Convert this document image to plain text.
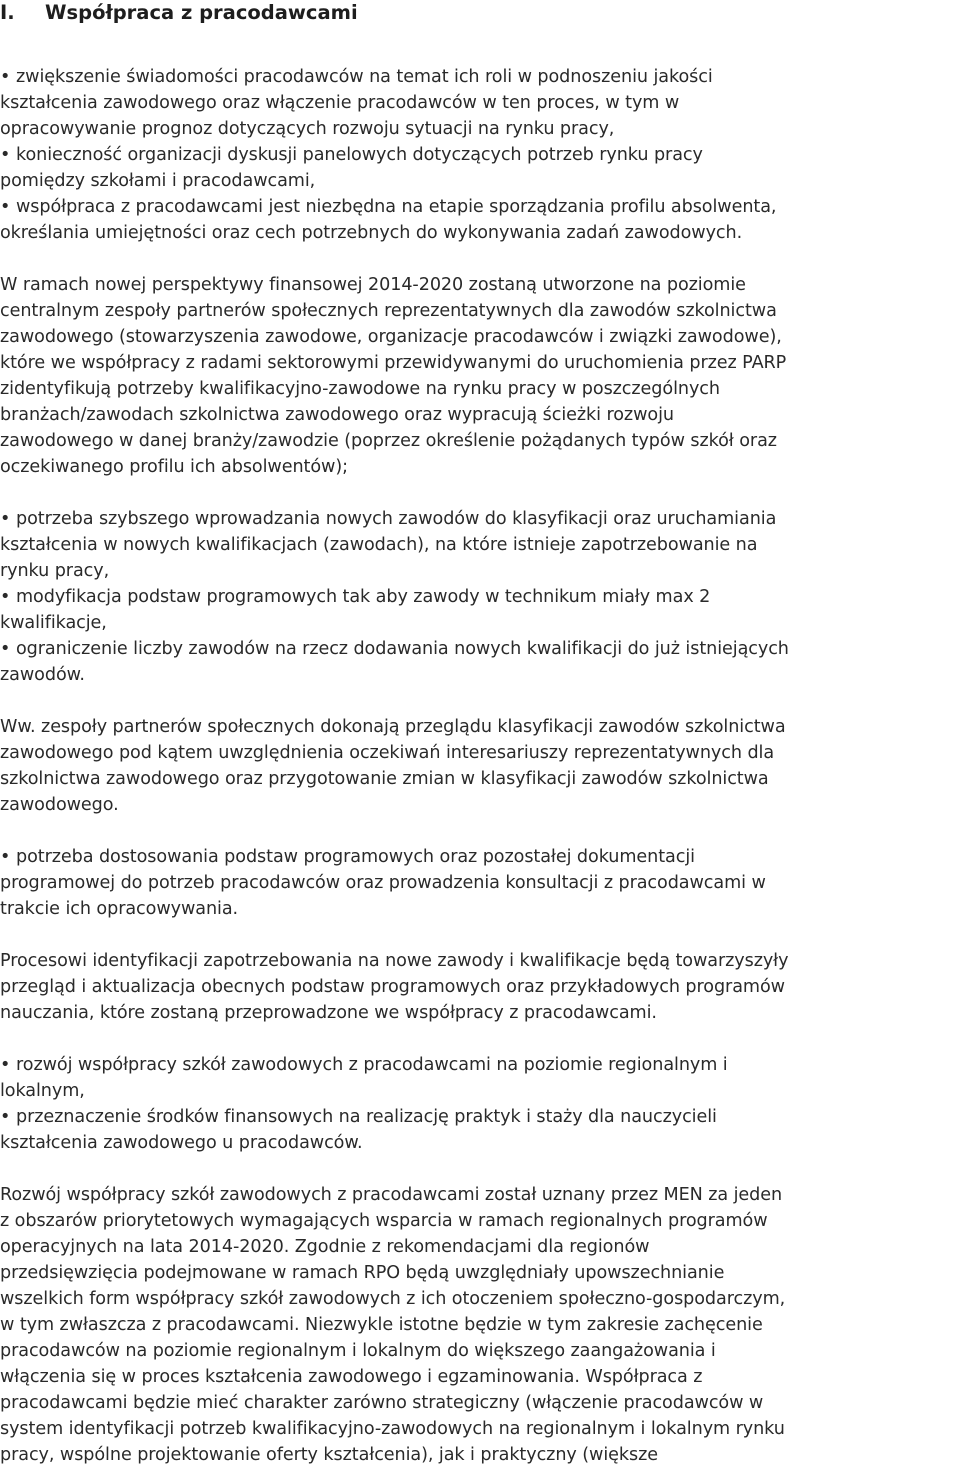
I. Współpraca z pracodawcami
• zwiększenie świadomości pracodawców na temat ich roli w podnoszeniu jakości
kształcenia zawodowego oraz włączenie pracodawców w ten proces, w tym w
opracowywanie prognoz dotyczących rozwoju sytuacji na rynku pracy,
• konieczność organizacji dyskusji panelowych dotyczących potrzeb rynku pracy
pomiędzy szkołami i pracodawcami,
• współpraca z pracodawcami jest niezbędna na etapie sporządzania profilu absolwenta,
określania umiejętności oraz cech potrzebnych do wykonywania zadań zawodowych.
W ramach nowej perspektywy finansowej 2014-2020 zostaną utworzone na poziomie
centralnym zespoły partnerów społecznych reprezentatywnych dla zawodów szkolnictwa
zawodowego (stowarzyszenia zawodowe, organizacje pracodawców i związki zawodowe),
które we współpracy z radami sektorowymi przewidywanymi do uruchomienia przez PARP
zidentyfikują potrzeby kwalifikacyjno-zawodowe na rynku pracy w poszczególnych
branżach/zawodach szkolnictwa zawodowego oraz wypracują ścieżki rozwoju
zawodowego w danej branży/zawodzie (poprzez określenie pożądanych typów szkół oraz
oczekiwanego profilu ich absolwentów);
• potrzeba szybszego wprowadzania nowych zawodów do klasyfikacji oraz uruchamiania
kształcenia w nowych kwalifikacjach (zawodach), na które istnieje zapotrzebowanie na
rynku pracy,
• modyfikacja podstaw programowych tak aby zawody w technikum miały max 2
kwalifikacje,
• ograniczenie liczby zawodów na rzecz dodawania nowych kwalifikacji do już istniejących
zawodów.
Ww. zespoły partnerów społecznych dokonają przeglądu klasyfikacji zawodów szkolnictwa
zawodowego pod kątem uwzględnienia oczekiwań interesariuszy reprezentatywnych dla
szkolnictwa zawodowego oraz przygotowanie zmian w klasyfikacji zawodów szkolnictwa
zawodowego.
• potrzeba dostosowania podstaw programowych oraz pozostałej dokumentacji
programowej do potrzeb pracodawców oraz prowadzenia konsultacji z pracodawcami w
trakcie ich opracowywania.
Procesowi identyfikacji zapotrzebowania na nowe zawody i kwalifikacje będą towarzyszyły
przegląd i aktualizacja obecnych podstaw programowych oraz przykładowych programów
nauczania, które zostaną przeprowadzone we współpracy z pracodawcami.
• rozwój współpracy szkół zawodowych z pracodawcami na poziomie regionalnym i
lokalnym,
• przeznaczenie środków finansowych na realizację praktyk i staży dla nauczycieli
kształcenia zawodowego u pracodawców.
Rozwój współpracy szkół zawodowych z pracodawcami został uznany przez MEN za jeden
z obszarów priorytetowych wymagających wsparcia w ramach regionalnych programów
operacyjnych na lata 2014-2020. Zgodnie z rekomendacjami dla regionów
przedsięwzięcia podejmowane w ramach RPO będą uwzględniały upowszechnianie
wszelkich form współpracy szkół zawodowych z ich otoczeniem społeczno-gospodarczym,
w tym zwłaszcza z pracodawcami. Niezwykle istotne będzie w tym zakresie zachęcenie
pracodawców na poziomie regionalnym i lokalnym do większego zaangażowania i
włączenia się w proces kształcenia zawodowego i egzaminowania. Współpraca z
pracodawcami będzie mieć charakter zarówno strategiczny (włączenie pracodawców w
system identyfikacji potrzeb kwalifikacyjno-zawodowych na regionalnym i lokalnym rynku
pracy, wspólne projektowanie oferty kształcenia), jak i praktyczny (większe
